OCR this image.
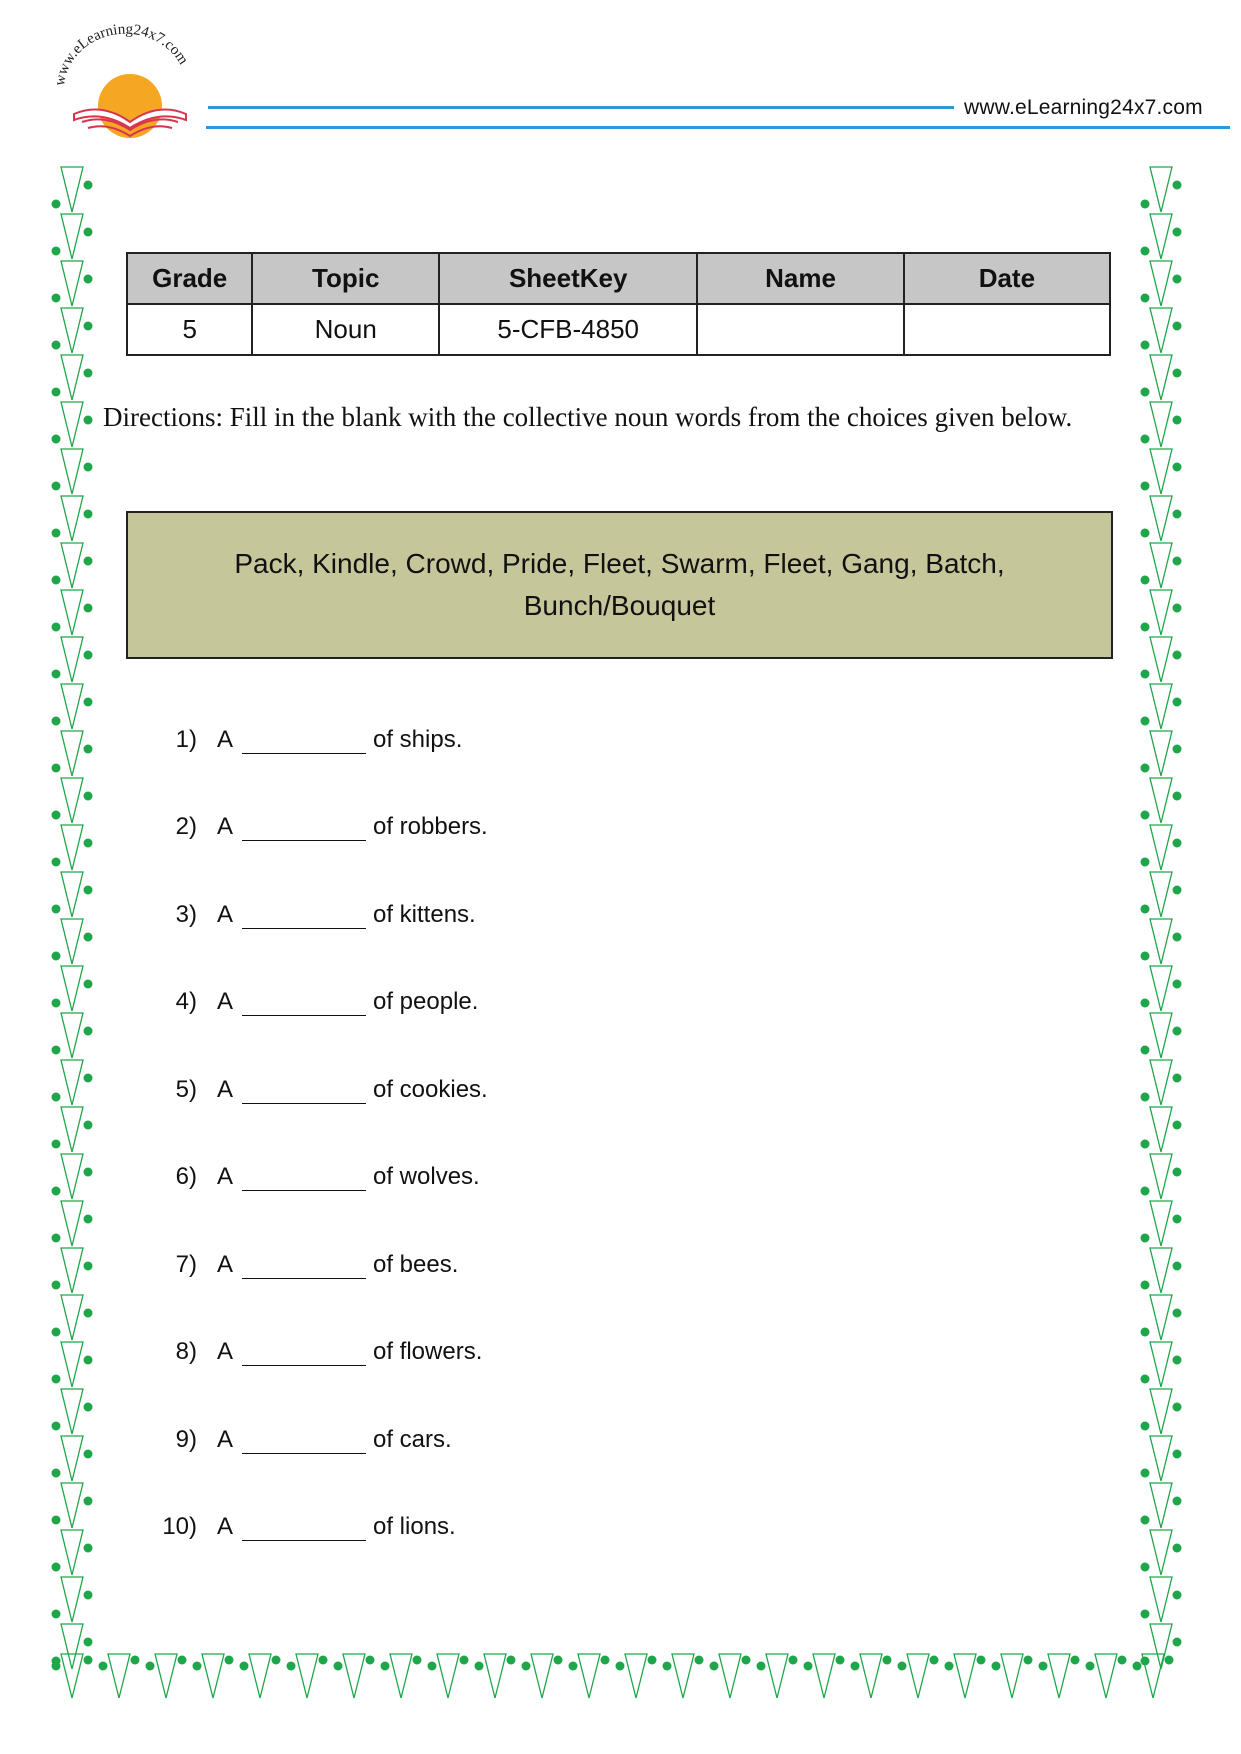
www.eLearning24x7.com
www.eLearning24x7.com
Grade	Topic	SheetKey	Name	Date
5	Noun	5-CFB-4850		
Directions: Fill in the blank with the collective noun words from the choices given below.
Pack, Kindle, Crowd, Pride, Fleet, Swarm, Fleet, Gang, Batch, Bunch/Bouquet
1) A	of ships.
2) A	of robbers.
3) A	of kittens.
4) A	of people.
5) A	of cookies.
6) A	of wolves.
7) A	of bees.
8) A	of flowers.
9) A	of cars.
10) A	of lions.
